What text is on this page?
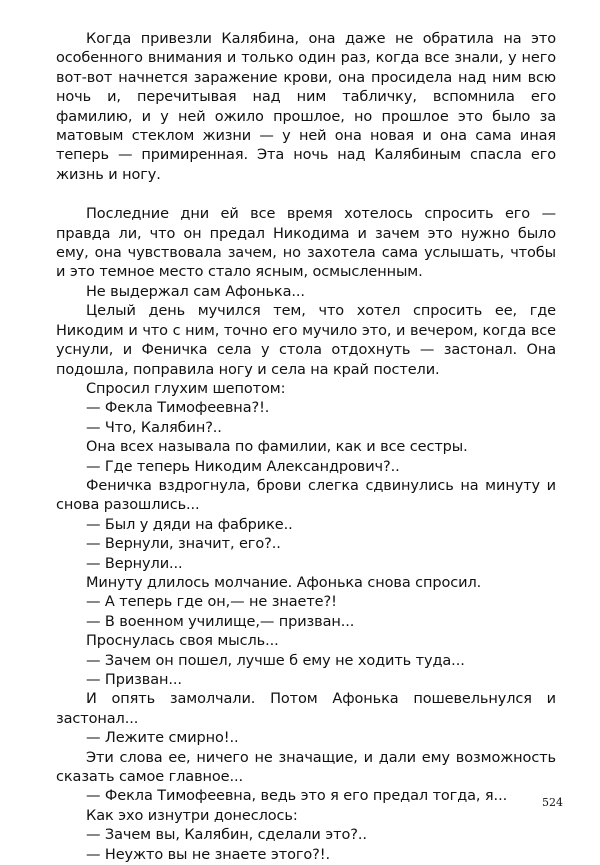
Когда привезли Калябина, она даже не обратила на это особенного внимания и только один раз, когда все знали, у него вот-вот начнется заражение крови, она просидела над ним всю ночь и, перечитывая над ним табличку, вспомнила его фамилию, и у ней ожило прошлое, но прошлое это было за матовым стеклом жизни — у ней она новая и она сама иная теперь — примиренная. Эта ночь над Калябиным спасла его жизнь и ногу.

Последние дни ей все время хотелось спросить его — правда ли, что он предал Никодима и зачем это нужно было ему, она чувствовала зачем, но захотела сама услышать, чтобы и это темное место стало ясным, осмысленным.

Не выдержал сам Афонька...

Целый день мучился тем, что хотел спросить ее, где Никодим и что с ним, точно его мучило это, и вечером, когда все уснули, и Феничка села у стола отдохнуть — застонал. Она подошла, поправила ногу и села на край постели.

Спросил глухим шепотом:

— Фекла Тимофеевна?!.

— Что, Калябин?..

Она всех называла по фамилии, как и все сестры.

— Где теперь Никодим Александрович?..

Феничка вздрогнула, брови слегка сдвинулись на минуту и снова разошлись...

— Был у дяди на фабрике..

— Вернули, значит, его?..

— Вернули...

Минуту длилось молчание. Афонька снова спросил.

— А теперь где он,— не знаете?!

— В военном училище,— призван...

Проснулась своя мысль...

— Зачем он пошел, лучше б ему не ходить туда...

— Призван...

И опять замолчали. Потом Афонька пошевельнулся и застонал...

— Лежите смирно!..

Эти слова ее, ничего не значащие, и дали ему возможность сказать самое главное...

— Фекла Тимофеевна, ведь это я его предал тогда, я...

Как эхо изнутри донеслось:

— Зачем вы, Калябин, сделали это?..

— Неужто вы не знаете этого?!.

524
